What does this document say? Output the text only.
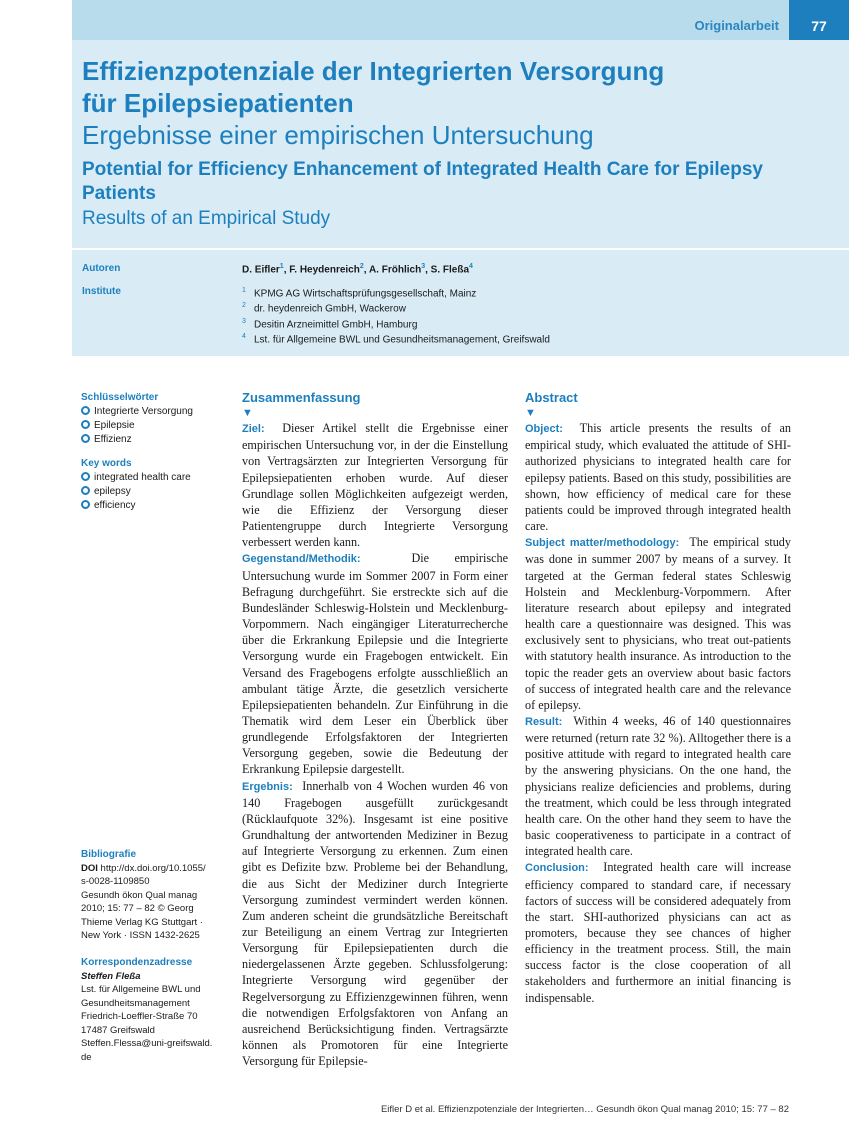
Originalarbeit	77
Effizienzpotenziale der Integrierten Versorgung
für Epilepsiepatienten
Ergebnisse einer empirischen Untersuchung
Potential for Efficiency Enhancement of Integrated Health Care for Epilepsy Patients
Results of an Empirical Study
Autoren
Institute
D. Eifler$^1$, F. Heydenreich$^2$, A. Fröhlich$^3$, S. Fleßa$^4$
$^1$ KPMG AG Wirtschaftsprüfungsgesellschaft, Mainz
$^2$ dr. heydenreich GmbH, Wackerow
$^3$ Desitin Arzneimittel GmbH, Hamburg
$^4$ Lst. für Allgemeine BWL und Gesundheitsmanagement, Greifswald
Schlüsselwörter
Integrierte Versorgung
Epilepsie
Effizienz
Key words
integrated health care
epilepsy
efficiency
Bibliografie
DOI http://dx.doi.org/10.1055/
s-0028-1109850
Gesundh ökon Qual manag
2010; 15: 77 – 82 © Georg
Thieme Verlag KG Stuttgart ·
New York · ISSN 1432-2625
Korrespondenzadresse
Steffen Fleßa
Lst. für Allgemeine BWL und
Gesundheitsmanagement
Friedrich-Loeffler-Straße 70
17487 Greifswald
Steffen.Flessa@uni-greifswald.
de
Zusammenfassung
▼

Ziel: Dieser Artikel stellt die Ergebnisse einer empirischen Untersuchung vor, in der die Einstellung von Vertragsärzten zur Integrierten Versorgung für Epilepsiepatienten erhoben wurde. Auf dieser Grundlage sollen Möglichkeiten aufgezeigt werden, wie die Effizienz der Versorgung dieser Patientengruppe durch Integrierte Versorgung verbessert werden kann.

Gegenstand/Methodik:	Die empirische Untersuchung wurde im Sommer 2007 in Form einer Befragung durchgeführt. Sie erstreckte sich auf die Bundesländer Schleswig-Holstein und Mecklenburg-Vorpommern. Nach eingängiger Literaturrecherche über die Erkrankung Epilepsie und die Integrierte Versorgung wurde ein Fragebogen entwickelt. Ein Versand des Fragebogens erfolgte ausschließlich an ambulant tätige Ärzte, die gesetzlich versicherte Epilepsiepatienten behandeln. Zur Einführung in die Thematik wird dem Leser ein Überblick über grundlegende Erfolgsfaktoren der Integrierten Versorgung gegeben, sowie die Bedeutung der Erkrankung Epilepsie dargestellt.

Ergebnis: Innerhalb von 4 Wochen wurden 46 von 140 Fragebogen ausgefüllt zurückgesandt (Rücklaufquote 32%). Insgesamt ist eine positive Grundhaltung der antwortenden Mediziner in Bezug auf Integrierte Versorgung zu erkennen. Zum einen gibt es Defizite bzw. Probleme bei der Behandlung, die aus Sicht der Mediziner durch Integrierte Versorgung zumindest vermindert werden können. Zum anderen scheint die grundsätzliche Bereitschaft zur Beteiligung an einem Vertrag zur Integrierten Versorgung für Epilepsiepatienten durch die niedergelassenen Ärzte gegeben. Schlussfolgerung: Integrierte Versorgung wird gegenüber der Regelversorgung zu Effizienzgewinnen führen, wenn die notwendigen Erfolgsfaktoren von Anfang an ausreichend Berücksichtigung finden. Vertragsärzte können als Promotoren für eine Integrierte Versorgung für Epilepsie-

Abstract
▼

Object: This article presents the results of an empirical study, which evaluated the attitude of SHI-authorized physicians to integrated health care for epilepsy patients. Based on this study, possibilities are shown, how efficiency of medical care for these patients could be improved through integrated health care.

Subject matter/methodology: The empirical study was done in summer 2007 by means of a survey. It targeted at the German federal states Schleswig Holstein and Mecklenburg-Vorpommern. After literature research about epilepsy and integrated health care a questionnaire was designed. This was exclusively sent to physicians, who treat out-patients with statutory health insurance. As introduction to the topic the reader gets an overview about basic factors of success of integrated health care and the relevance of epilepsy.

Result: Within 4 weeks, 46 of 140 questionnaires were returned (return rate 32 %). Alltogether there is a positive attitude with regard to integrated health care by the answering physicians. On the one hand, the physicians realize deficiencies and problems, during the treatment, which could be less through integrated health care. On the other hand they seem to have the basic cooperativeness to participate in a contract of integrated health care.

Conclusion: Integrated health care will increase efficiency compared to standard care, if necessary factors of success will be considered adequately from the start. SHI-authorized physicians can act as promoters, because they see chances of higher efficiency in the treatment process. Still, the main success factor is the close cooperation of all stakeholders and furthermore an initial financing is indispensable.

Eifler D et al. Effizienzpotenziale der Integrierten… Gesundh ökon Qual manag 2010; 15: 77 – 82
